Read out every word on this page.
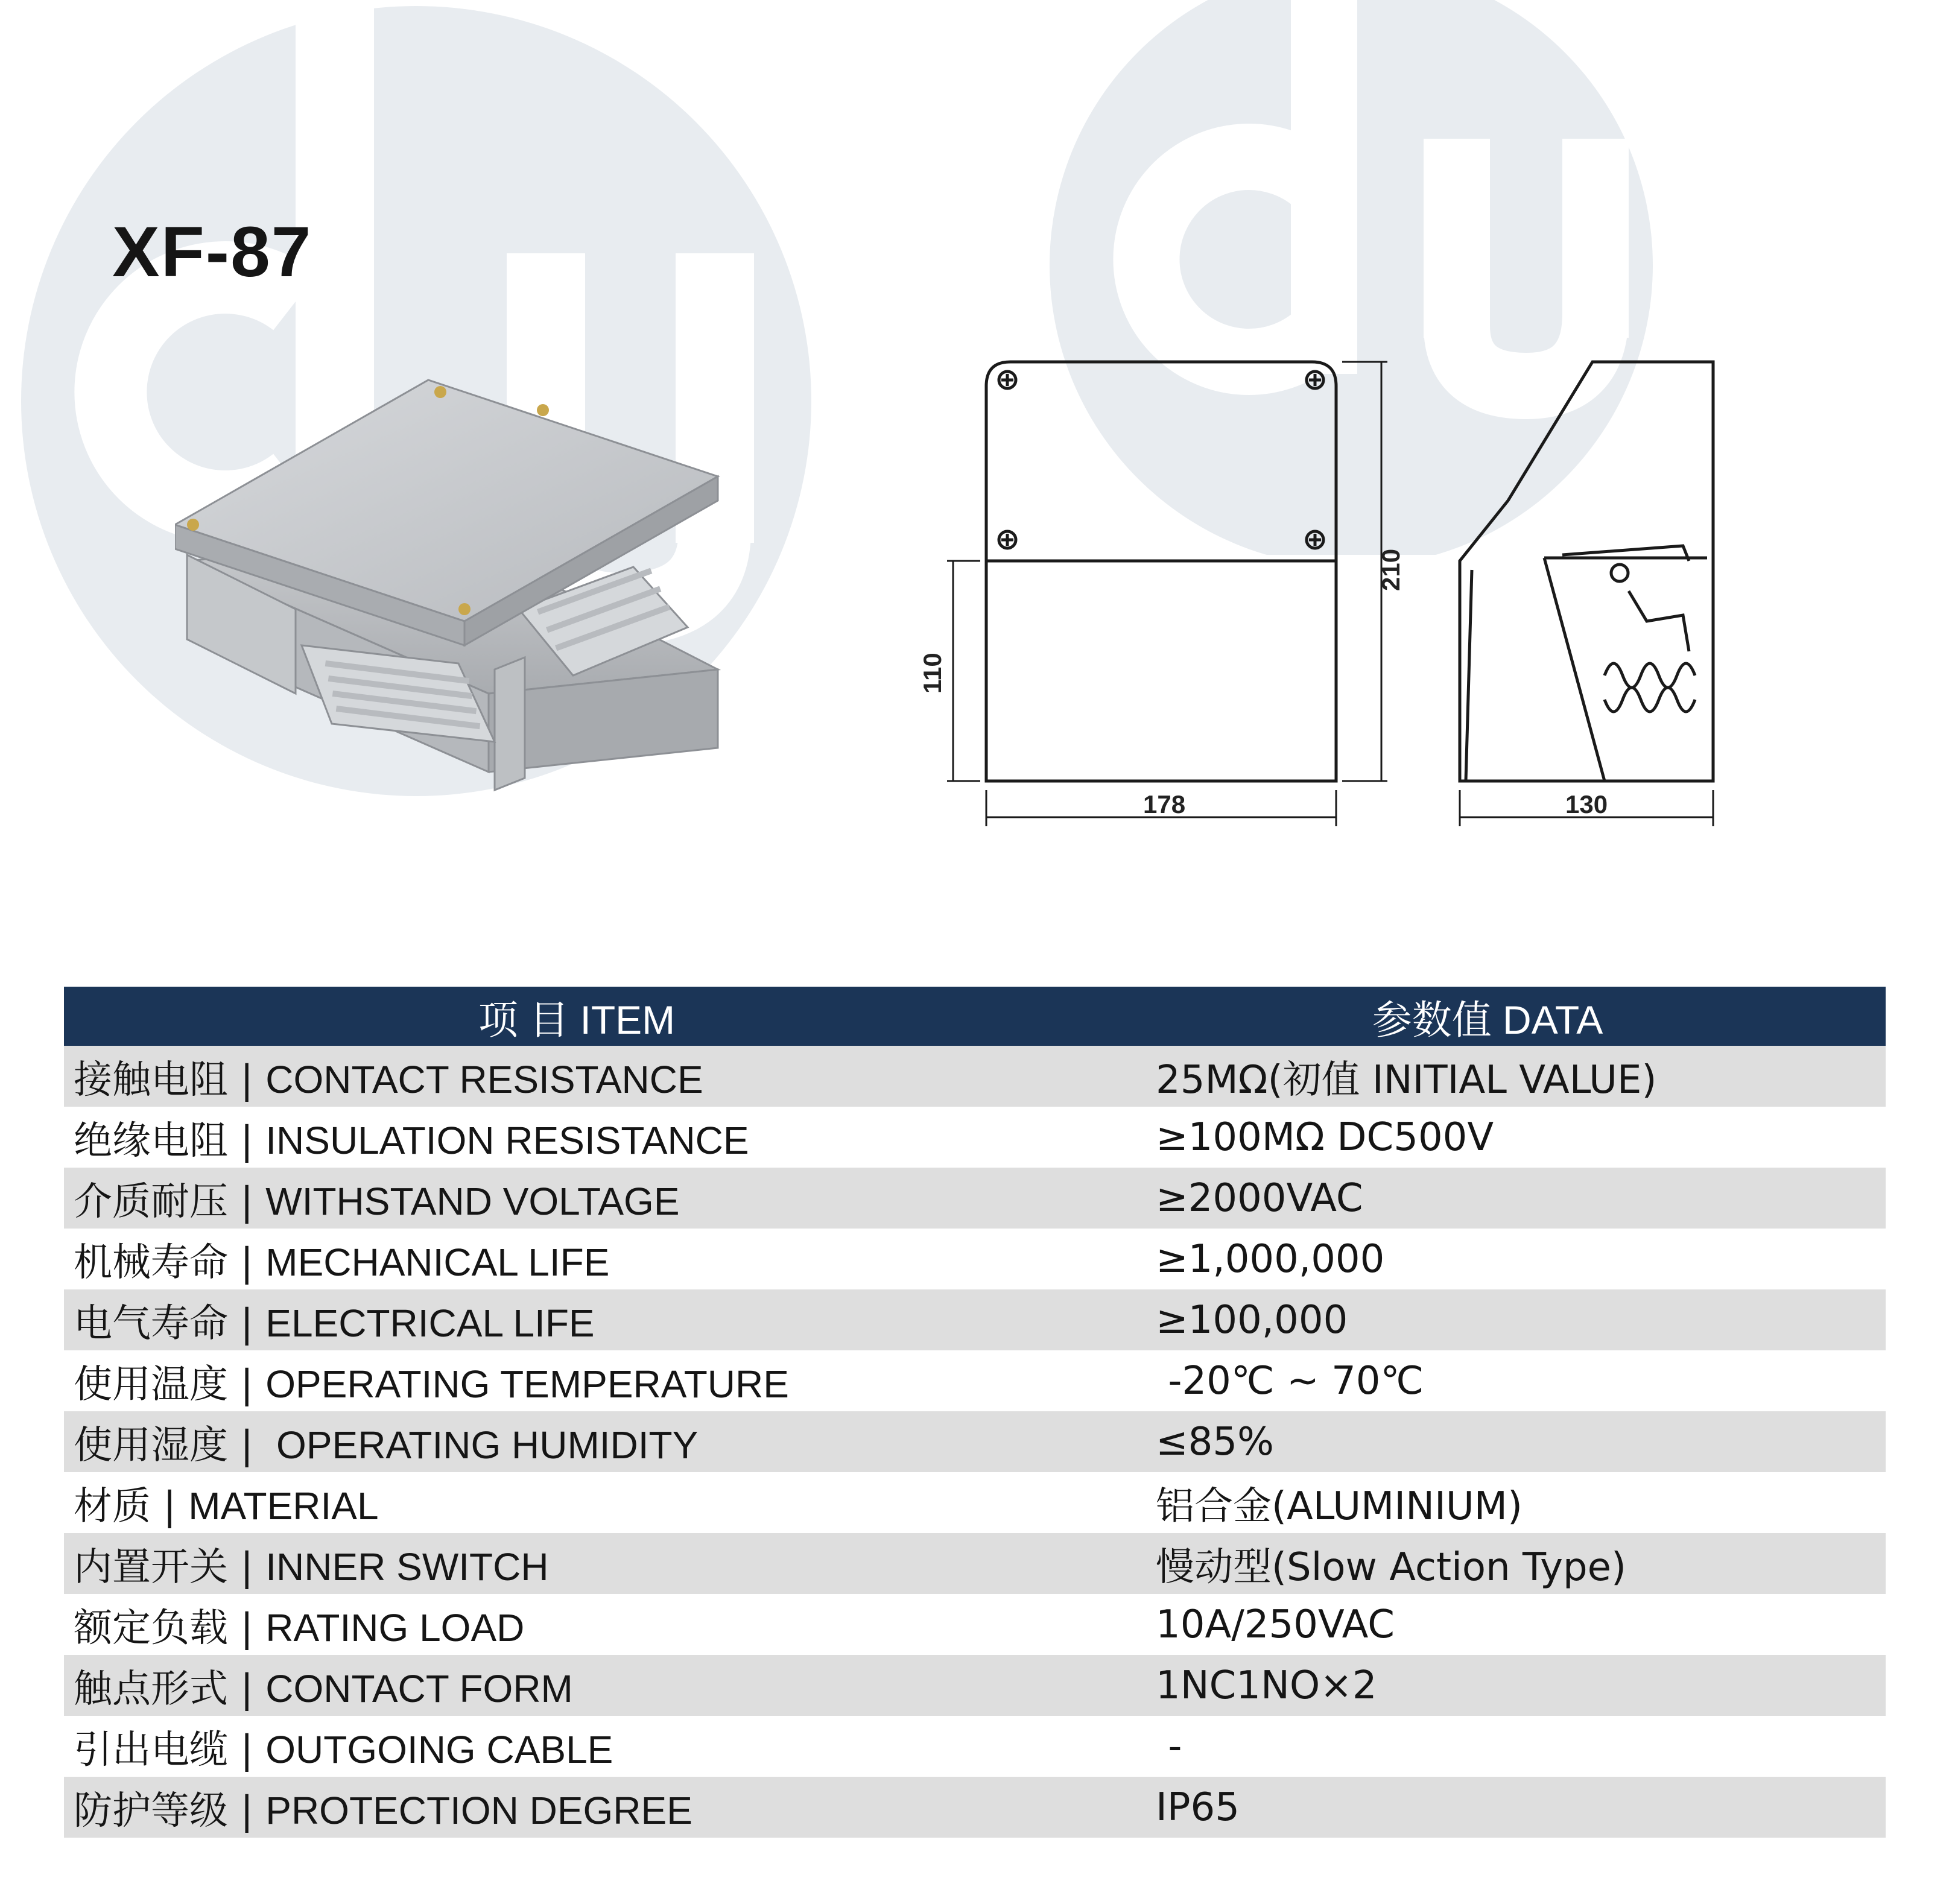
XF-87
178
110
210
130
项 目 ITEM	参数值 DATA
接触电阻 | CONTACT RESISTANCE	25MΩ(初值 INITIAL VALUE)
绝缘电阻 | INSULATION RESISTANCE	≥100MΩ DC500V
介质耐压 | WITHSTAND VOLTAGE	≥2000VAC
机械寿命 | MECHANICAL LIFE	≥1,000,000
电气寿命 | ELECTRICAL LIFE	≥100,000
使用温度 | OPERATING TEMPERATURE	-20℃ ~ 70℃
使用湿度 |  OPERATING HUMIDITY	≤85%
材质 | MATERIAL	铝合金(ALUMINIUM)
内置开关 | INNER SWITCH	慢动型(Slow Action Type)
额定负载 | RATING LOAD	10A/250VAC
触点形式 | CONTACT FORM	1NC1NO×2
引出电缆 | OUTGOING CABLE	-
防护等级 | PROTECTION DEGREE	IP65
